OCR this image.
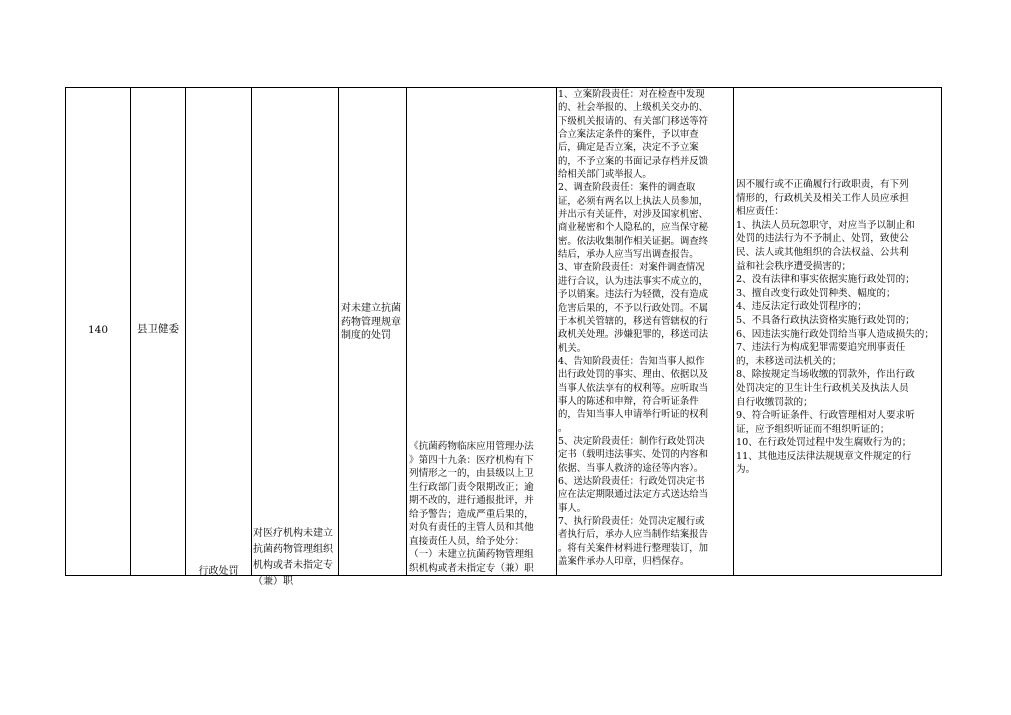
140	县卫健委
行政处罚

对医疗机构未建立抗菌药物管理组织机构或者未指定专（兼）职

对未建立抗菌药物管理规章制度的处罚

《抗菌药物临床应用管理办法
》第四十九条：医疗机构有下
列情形之一的，由县级以上卫
生行政部门责令限期改正；逾
期不改的，进行通报批评，并
给予警告；造成严重后果的，
对负有责任的主管人员和其他
直接责任人员，给予处分：
（一）未建立抗菌药物管理组
织机构或者未指定专（兼）职
1、立案阶段责任：对在检查中发现
的、社会举报的、上级机关交办的、
下级机关报请的、有关部门移送等符
合立案法定条件的案件，予以审查
后，确定是否立案，决定不予立案
的，不予立案的书面记录存档并反馈
给相关部门或举报人。
2、调查阶段责任：案件的调查取
证，必须有两名以上执法人员参加，
并出示有关证件，对涉及国家机密、
商业秘密和个人隐私的，应当保守秘
密。依法收集制作相关证据。调查终
结后，承办人应当写出调查报告。
3、审查阶段责任：对案件调查情况
进行合议，认为违法事实不成立的，
予以销案。违法行为轻微，没有造成
危害后果的，不予以行政处罚。不属
于本机关管辖的，移送有管辖权的行
政机关处理。涉嫌犯罪的，移送司法
机关。
4、告知阶段责任：告知当事人拟作
出行政处罚的事实、理由、依据以及
当事人依法享有的权利等。应听取当
事人的陈述和申辩，符合听证条件
的，告知当事人申请举行听证的权利
。
5、决定阶段责任：制作行政处罚决
定书（载明违法事实、处罚的内容和
依据、当事人救济的途径等内容）。
6、送达阶段责任：行政处罚决定书
应在法定期限通过法定方式送达给当
事人。
7、执行阶段责任：处罚决定履行或
者执行后，承办人应当制作结案报告
。将有关案件材料进行整理装订，加
盖案件承办人印章，归档保存。
因不履行或不正确履行行政职责，有下列
情形的，行政机关及相关工作人员应承担
相应责任：
1、执法人员玩忽职守，对应当予以制止和
处罚的违法行为不予制止、处罚，致使公
民、法人或其他组织的合法权益、公共利
益和社会秩序遭受损害的；
2、没有法律和事实依据实施行政处罚的；
3、擅自改变行政处罚种类、幅度的；
4、违反法定行政处罚程序的；
5、不具备行政执法资格实施行政处罚的；
6、因违法实施行政处罚给当事人造成损失的；
7、违法行为构成犯罪需要追究刑事责任
的，未移送司法机关的；
8、除按规定当场收缴的罚款外，作出行政
处罚决定的卫生计生行政机关及执法人员
自行收缴罚款的；
9、符合听证条件、行政管理相对人要求听
证，应予组织听证而不组织听证的；
10、在行政处罚过程中发生腐败行为的；
11、其他违反法律法规规章文件规定的行
为。
